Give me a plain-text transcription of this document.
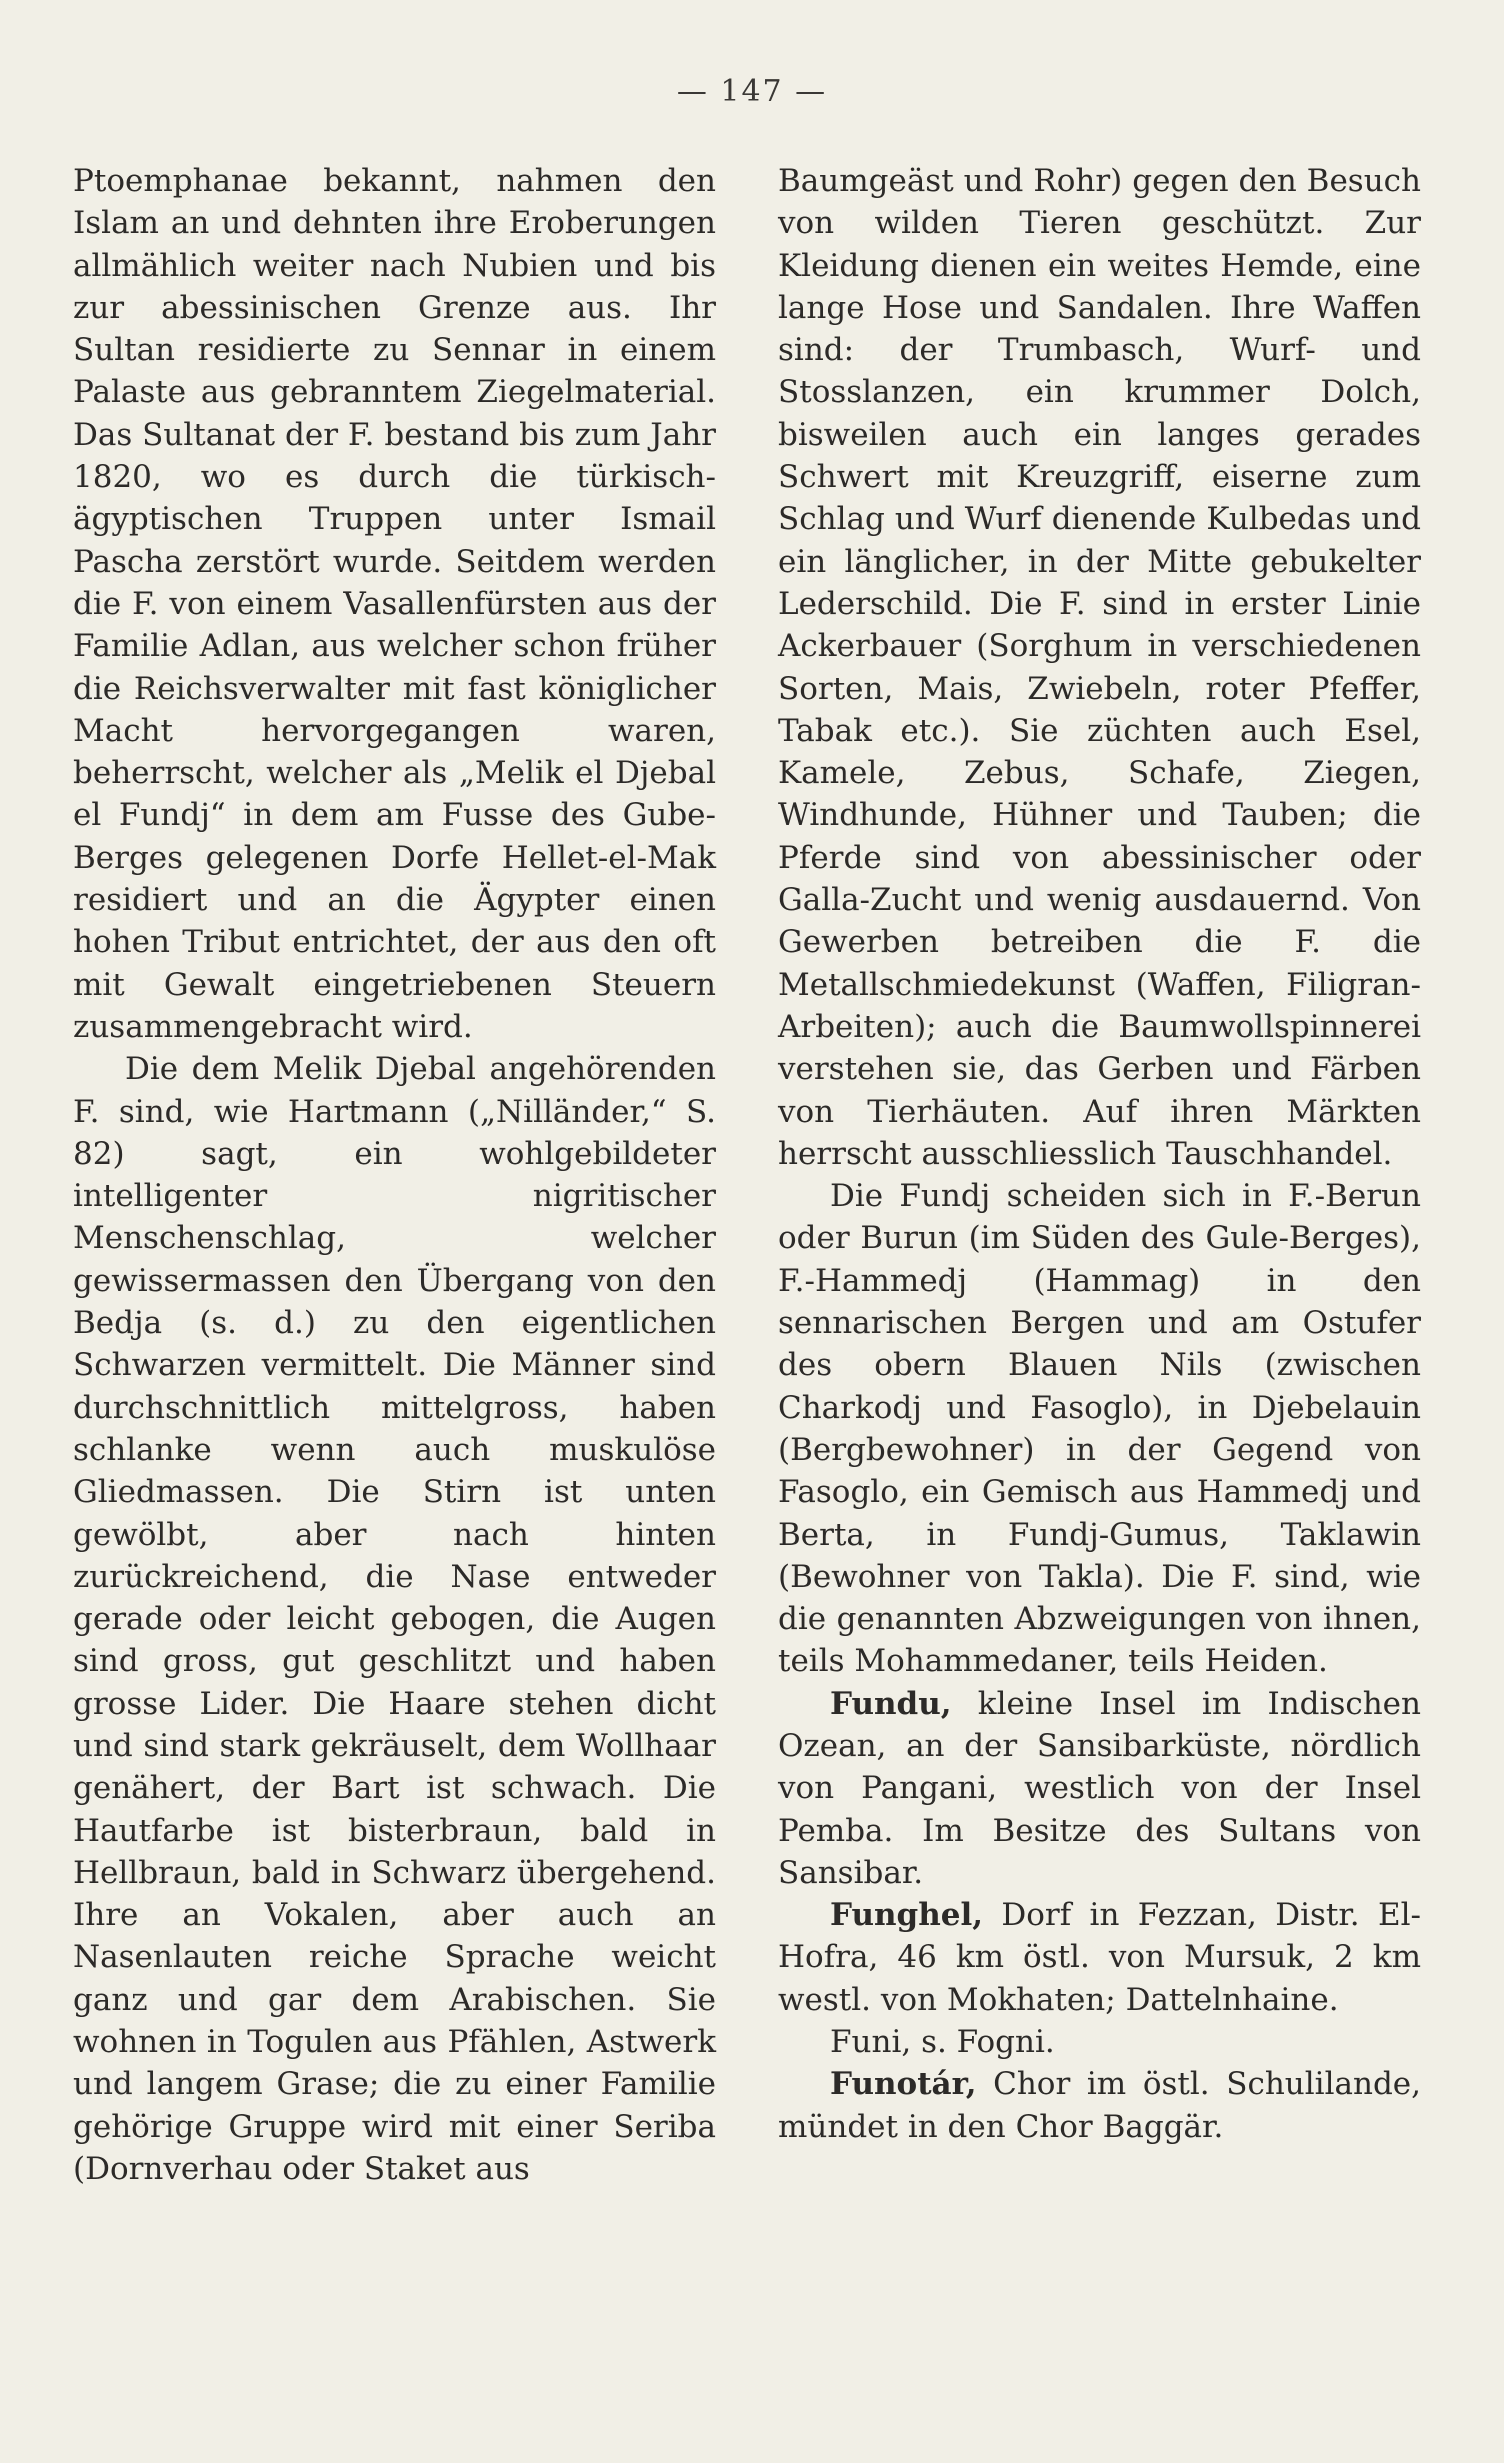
— 147 —

Ptoemphanae bekannt, nahmen den Islam an und dehnten ihre Eroberungen allmählich weiter nach Nubien und bis zur abessinischen Grenze aus. Ihr Sultan residierte zu Sennar in einem Palaste aus gebranntem Ziegelmaterial. Das Sultanat der F. bestand bis zum Jahr 1820, wo es durch die türkisch-ägyptischen Truppen unter Ismail Pascha zerstört wurde. Seitdem werden die F. von einem Vasallenfürsten aus der Familie Adlan, aus welcher schon früher die Reichsverwalter mit fast königlicher Macht hervorgegangen waren, beherrscht, welcher als „Melik el Djebal el Fundj“ in dem am Fusse des Gube-Berges gelegenen Dorfe Hellet-el-Mak residiert und an die Ägypter einen hohen Tribut entrichtet, der aus den oft mit Gewalt eingetriebenen Steuern zusammengebracht wird.

Die dem Melik Djebal angehörenden F. sind, wie Hartmann („Nilländer,“ S. 82) sagt, ein wohlgebildeter intelligenter nigritischer Menschenschlag, welcher gewissermassen den Übergang von den Bedja (s. d.) zu den eigentlichen Schwarzen vermittelt. Die Männer sind durchschnittlich mittelgross, haben schlanke wenn auch muskulöse Gliedmassen. Die Stirn ist unten gewölbt, aber nach hinten zurückreichend, die Nase entweder gerade oder leicht gebogen, die Augen sind gross, gut geschlitzt und haben grosse Lider. Die Haare stehen dicht und sind stark gekräuselt, dem Wollhaar genähert, der Bart ist schwach. Die Hautfarbe ist bisterbraun, bald in Hellbraun, bald in Schwarz übergehend. Ihre an Vokalen, aber auch an Nasenlauten reiche Sprache weicht ganz und gar dem Arabischen. Sie wohnen in Togulen aus Pfählen, Astwerk und langem Grase; die zu einer Familie gehörige Gruppe wird mit einer Seriba (Dornverhau oder Staket aus

Baumgeäst und Rohr) gegen den Besuch von wilden Tieren geschützt. Zur Kleidung dienen ein weites Hemde, eine lange Hose und Sandalen. Ihre Waffen sind: der Trumbasch, Wurf- und Stosslanzen, ein krummer Dolch, bisweilen auch ein langes gerades Schwert mit Kreuzgriff, eiserne zum Schlag und Wurf dienende Kulbedas und ein länglicher, in der Mitte gebukelter Lederschild. Die F. sind in erster Linie Ackerbauer (Sorghum in verschiedenen Sorten, Mais, Zwiebeln, roter Pfeffer, Tabak etc.). Sie züchten auch Esel, Kamele, Zebus, Schafe, Ziegen, Windhunde, Hühner und Tauben; die Pferde sind von abessinischer oder Galla-Zucht und wenig ausdauernd. Von Gewerben betreiben die F. die Metallschmiedekunst (Waffen, Filigran-Arbeiten); auch die Baumwollspinnerei verstehen sie, das Gerben und Färben von Tierhäuten. Auf ihren Märkten herrscht ausschliesslich Tauschhandel.

Die Fundj scheiden sich in F.-Berun oder Burun (im Süden des Gule-Berges), F.-Hammedj (Hammag) in den sennarischen Bergen und am Ostufer des obern Blauen Nils (zwischen Charkodj und Fasoglo), in Djebelauin (Bergbewohner) in der Gegend von Fasoglo, ein Gemisch aus Hammedj und Berta, in Fundj-Gumus, Taklawin (Bewohner von Takla). Die F. sind, wie die genannten Abzweigungen von ihnen, teils Mohammedaner, teils Heiden.

Fundu, kleine Insel im Indischen Ozean, an der Sansibarküste, nördlich von Pangani, westlich von der Insel Pemba. Im Besitze des Sultans von Sansibar.

Funghel, Dorf in Fezzan, Distr. El-Hofra, 46 km östl. von Mursuk, 2 km westl. von Mokhaten; Dattelnhaine.

Funi, s. Fogni.

Funotár, Chor im östl. Schulilande, mündet in den Chor Baggär.
